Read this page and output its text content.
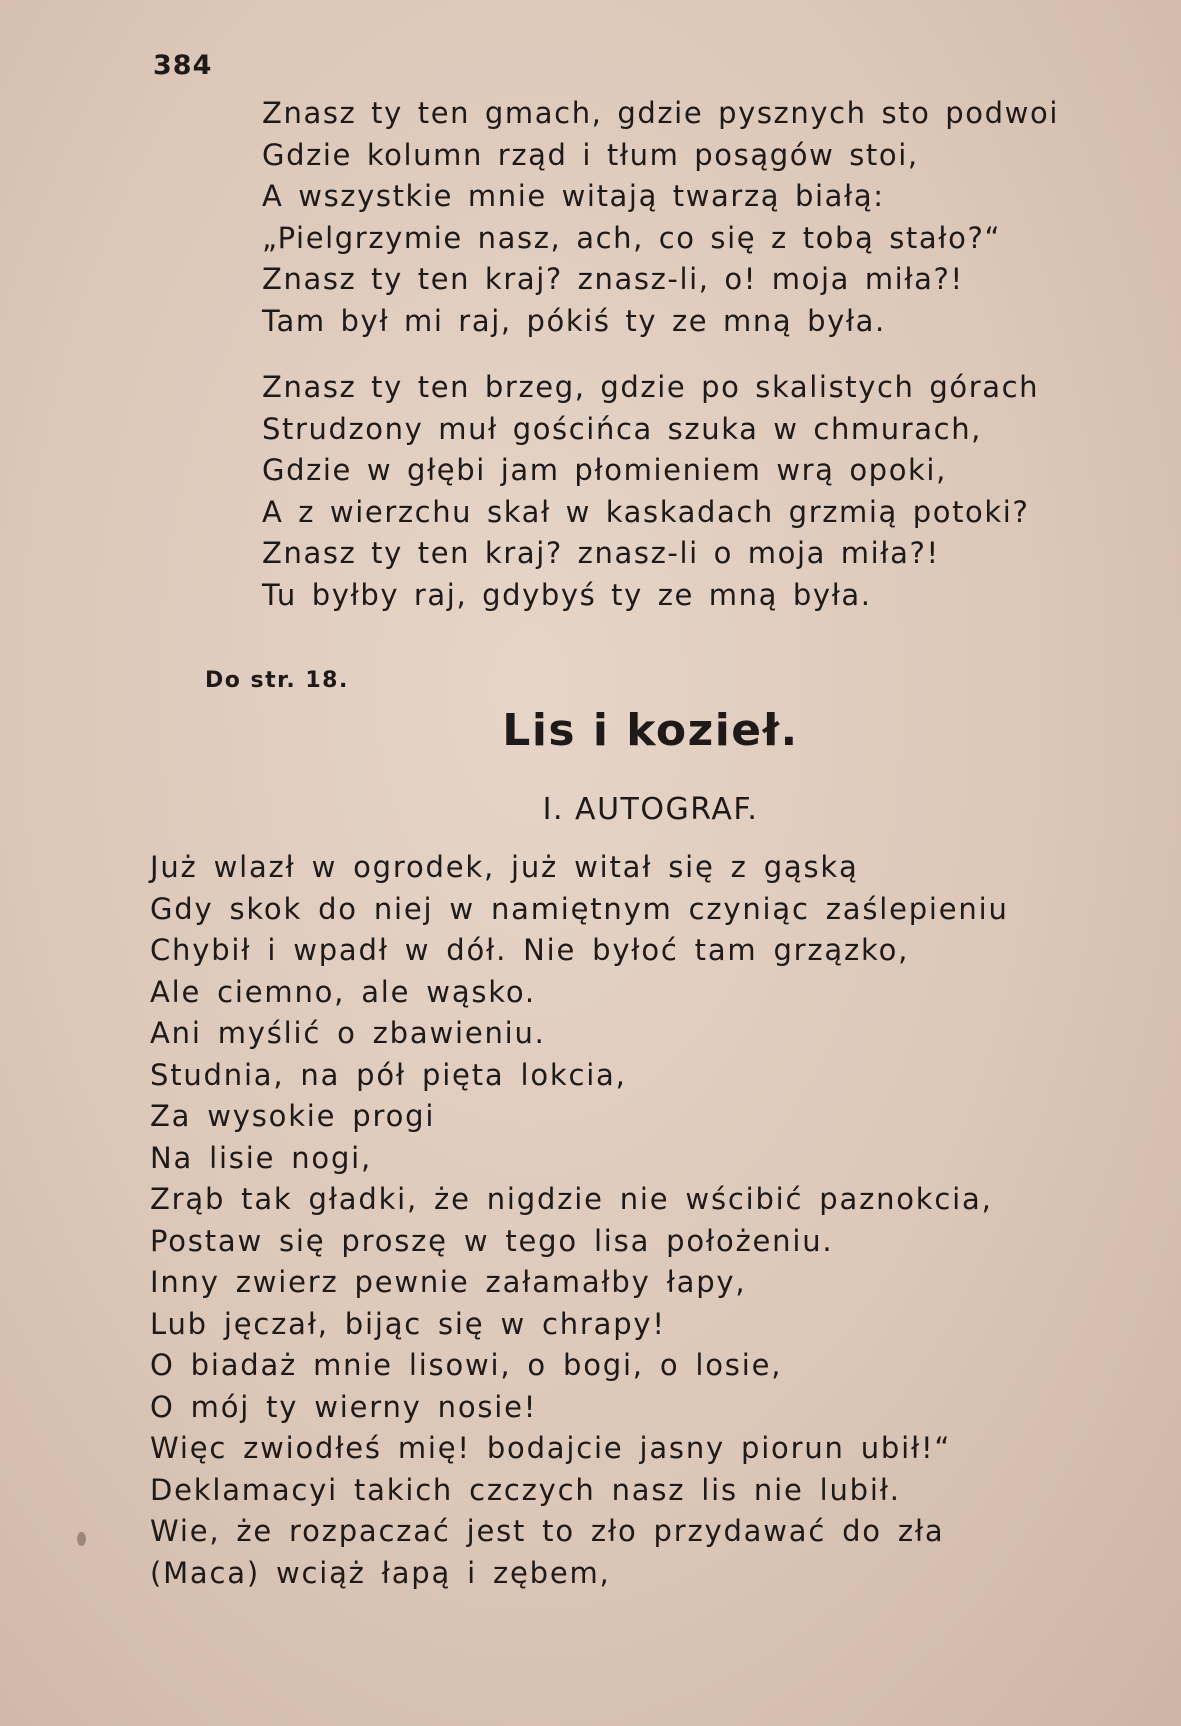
384
Znasz ty ten gmach, gdzie pysznych sto podwoi
Gdzie kolumn rząd i tłum posągów stoi,
A wszystkie mnie witają twarzą białą:
„Pielgrzymie nasz, ach, co się z tobą stało?“
Znasz ty ten kraj? znasz-li, o! moja miła?!
Tam był mi raj, pókiś ty ze mną była.
Znasz ty ten brzeg, gdzie po skalistych górach
Strudzony muł gościńca szuka w chmurach,
Gdzie w głębi jam płomieniem wrą opoki,
A z wierzchu skał w kaskadach grzmią potoki?
Znasz ty ten kraj? znasz-li o moja miła?!
Tu byłby raj, gdybyś ty ze mną była.
Do str. 18.
Lis i kozieł.
I. AUTOGRAF.
Już wlazł w ogrodek, już witał się z gąską
Gdy skok do niej w namiętnym czyniąc zaślepieniu
Chybił i wpadł w dół. Nie byłoć tam grzązko,
Ale ciemno, ale wąsko.
Ani myślić o zbawieniu.
Studnia, na pół pięta lokcia,
Za wysokie progi
Na lisie nogi,
Zrąb tak gładki, że nigdzie nie wścibić paznokcia,
Postaw się proszę w tego lisa położeniu.
Inny zwierz pewnie załamałby łapy,
Lub jęczał, bijąc się w chrapy!
O biadaż mnie lisowi, o bogi, o losie,
O mój ty wierny nosie!
Więc zwiodłeś mię! bodajcie jasny piorun ubił!“
Deklamacyi takich czczych nasz lis nie lubił.
Wie, że rozpaczać jest to zło przydawać do zła
(Maca) wciąż łapą i zębem,
